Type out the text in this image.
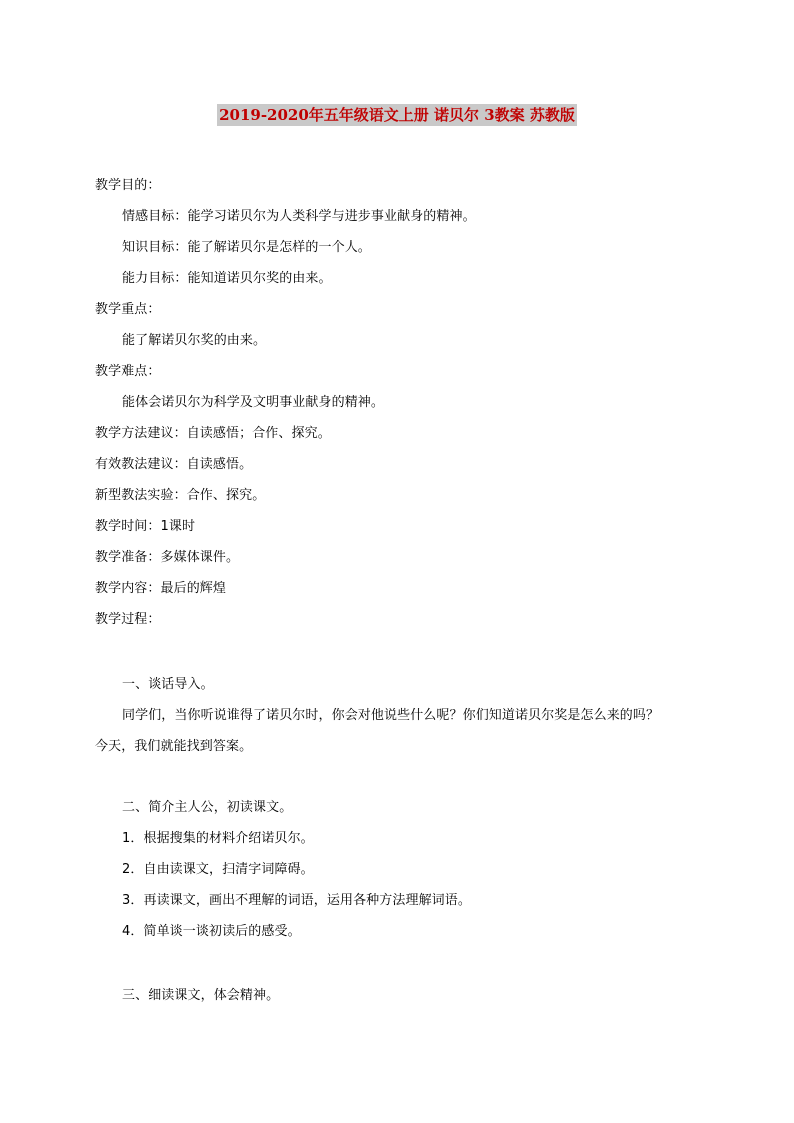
2019-2020年五年级语文上册 诺贝尔 3教案 苏教版
教学目的：
情感目标：能学习诺贝尔为人类科学与进步事业献身的精神。
知识目标：能了解诺贝尔是怎样的一个人。
能力目标：能知道诺贝尔奖的由来。
教学重点：
能了解诺贝尔奖的由来。
教学难点：
能体会诺贝尔为科学及文明事业献身的精神。
教学方法建议：自读感悟；合作、探究。
有效教法建议：自读感悟。
新型教法实验：合作、探究。
教学时间：1课时
教学准备：多媒体课件。
教学内容：最后的辉煌
教学过程：
一、谈话导入。
同学们，当你听说谁得了诺贝尔时，你会对他说些什么呢？你们知道诺贝尔奖是怎么来的吗？
今天，我们就能找到答案。
二、简介主人公，初读课文。
1．根据搜集的材料介绍诺贝尔。
2．自由读课文，扫清字词障碍。
3．再读课文，画出不理解的词语，运用各种方法理解词语。
4．简单谈一谈初读后的感受。
三、细读课文，体会精神。
